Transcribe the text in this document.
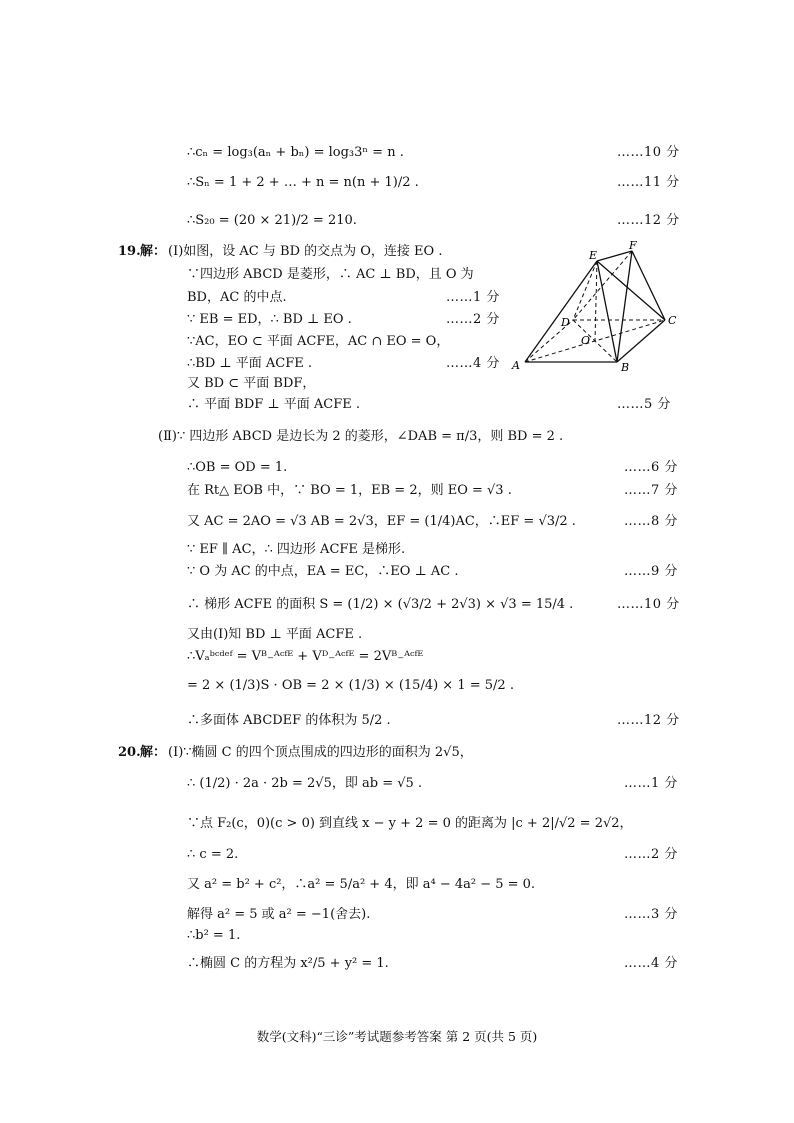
∴cₙ = log₃(aₙ + bₙ) = log₃3ⁿ = n .	……10 分
∴Sₙ = 1 + 2 + … + n = n(n + 1)/2 .	……11 分
∴S₂₀ = (20 × 21)/2 = 210.	……12 分
19. 解： (Ⅰ)如图，设 AC 与 BD 的交点为 O，连接 EO .
∵四边形 ABCD 是菱形，∴ AC ⊥ BD，且 O 为
BD，AC 的中点.	……1 分
∵ EB = ED，∴ BD ⊥ EO .	……2 分
∵AC，EO ⊂ 平面 ACFE，AC ∩ EO = O，
∴BD ⊥ 平面 ACFE .	……4 分
又 BD ⊂ 平面 BDF，
∴ 平面 BDF ⊥ 平面 ACFE .	……5 分
(Ⅱ)∵ 四边形 ABCD 是边长为 2 的菱形，∠DAB = π/3，则 BD = 2 .
∴OB = OD = 1.	……6 分
在 Rt△ EOB 中，∵ BO = 1，EB = 2，则 EO = √3 .	……7 分
又 AC = 2AO = √3 AB = 2√3，EF = (1/4)AC，∴EF = √3/2 .	……8 分
∵ EF ∥ AC，∴ 四边形 ACFE 是梯形.
∵ O 为 AC 的中点，EA = EC，∴EO ⊥ AC .	……9 分
∴ 梯形 ACFE 的面积 S = (1/2) × (√3/2 + 2√3) × √3 = 15/4 .	……10 分
又由(Ⅰ)知 BD ⊥ 平面 ACFE .
∴Vₐᵇᶜᵈᵉᶠ = Vᴮ₋ᴬᶜᶠᴱ + Vᴰ₋ᴬᶜᶠᴱ = 2Vᴮ₋ᴬᶜᶠᴱ
= 2 × (1/3)S · OB = 2 × (1/3) × (15/4) × 1 = 5/2 .
∴多面体 ABCDEF 的体积为 5/2 .	……12 分
A	B
C
D
E
F
O
20. 解： (Ⅰ)∵椭圆 C 的四个顶点围成的四边形的面积为 2√5，
∴ (1/2) · 2a · 2b = 2√5，即 ab = √5 .	……1 分
∵点 F₂(c，0)(c > 0) 到直线 x − y + 2 = 0 的距离为 |c + 2|/√2 = 2√2，
∴ c = 2.	……2 分
又 a² = b² + c²，∴a² = 5/a² + 4，即 a⁴ − 4a² − 5 = 0.
解得 a² = 5 或 a² = −1(舍去).	……3 分
∴b² = 1.
∴椭圆 C 的方程为 x²/5 + y² = 1.	……4 分
数学(文科)“三诊”考试题参考答案 第 2 页(共 5 页)
